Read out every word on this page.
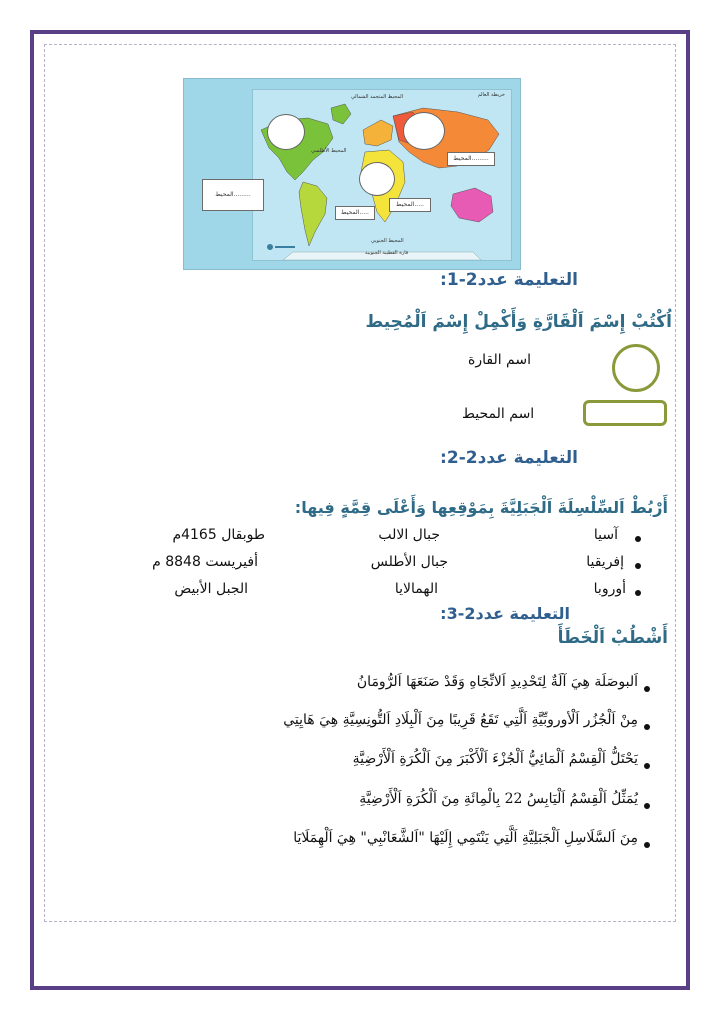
خريطة العالم
المحيط المتجمد الشمالي
المحيط الأطلسي
المحيط الجنوبي
قارة القطبية الجنوبية
المحيط.........
المحيط.....
المحيط.....
المحيط.........
التعليمة عدد2-1:
اُكْتُبْ إِسْمَ اَلْقَارَّةِ وَأَكْمِلْ إِسْمَ اَلْمُحِيط
اسم القارة
اسم المحيط
التعليمة عدد2-2:
أَرْبُطْ اَلسِّلْسِلَةَ اَلْجَبَلِيَّةَ بِمَوْقِعِها وَأَعْلَى قِمَّةٍ فِيها:
آسيا
جبال الالب
طوبقال 4165م
إفريقيا
جبال الأطلس
أفيريست 8848 م
أوروبا
الهمالايا
الجبل الأبيض
التعليمة عدد2-3:
أَشْطُبْ اَلْخَطَأَ
اَلبوصَلَة هِيَ آلَةٌ لِتَحْدِيدِ اَلاتِّجَاهِ وَقَدْ صَنَعَهَا اَلرُّومَانُ
مِنْ اَلْجُزُر اَلْأوروبِّيَّةِ اَلَّتِي تَقَعُ قَرِيبًا مِنَ اَلْبِلَادِ اَلتُّونِسِيَّةِ هِيَ هَايِتِي
يَحْتَلُّ اَلْقِسْمُ اَلْمَائِيُّ اَلْجُزْءَ اَلْأَكْبَرَ مِنَ اَلْكُرَةِ اَلْأَرْضِيَّةِ
يُمَثِّلُ اَلْقِسْمُ اَلْيَابِسُ 22 بِالْمِائَةِ مِنَ اَلْكُرَةِ اَلْأَرْضِيَّةِ
مِنَ اَلسَّلَاسِلِ اَلْجَبَلِيَّةِ اَلَّتِي يَنْتَمِي إِلَيْهَا "اَلشَّعَانْبِي" هِيَ اَلْهِمَلَايَا
